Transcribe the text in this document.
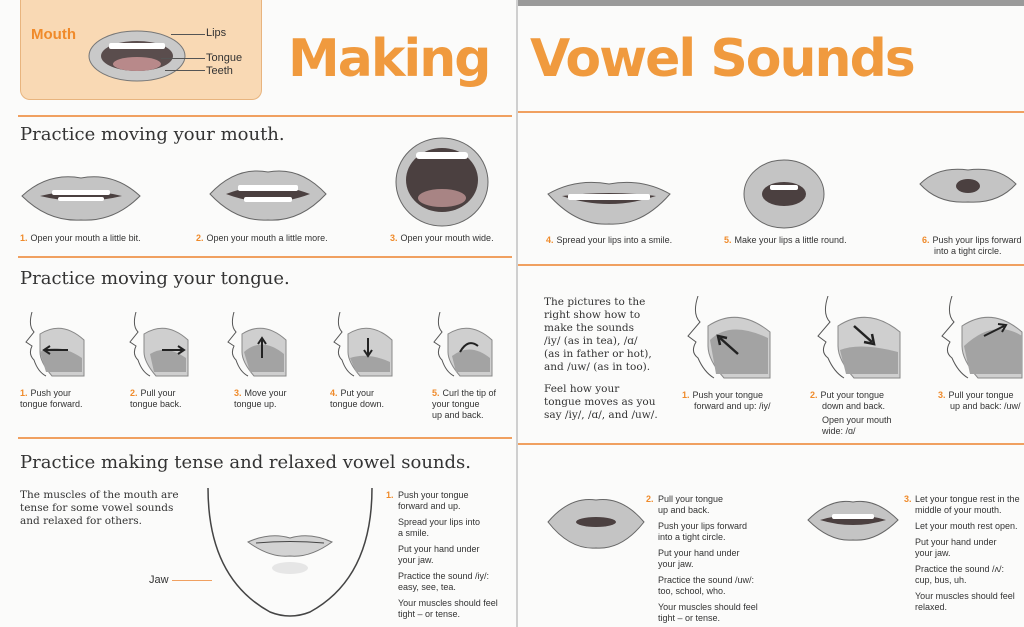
Mouth	Lips
Tongue
Teeth Making
Practice moving your mouth.
1. Open your mouth a little bit.	2. Open your mouth a little more.	3. Open your mouth wide.
Practice moving your tongue.
1. Push your
tongue forward.
2. Pull your
tongue back.
3. Move your
tongue up.
4. Put your
tongue down.
5. Curl the tip of
your tongue
up and back.
Practice making tense and relaxed vowel sounds.
The muscles of the mouth are
tense for some vowel sounds
and relaxed for others.
Jaw
1. Push your tongue
forward and up.

Spread your lips into
a smile.

Put your hand under
your jaw.

Practice the sound /iy/:
easy, see, tea.

Your muscles should feel
tight – or tense.

Vowel Sounds
4. Spread your lips into a smile.	5. Make your lips a little round.	6. Push your lips forward
into a tight circle.
The pictures to the
right show how to
make the sounds
/iy/ (as in tea), /ɑ/
(as in father or hot),
and /uw/ (as in too).
Feel how your
tongue moves as you
say /iy/, /ɑ/, and /uw/.
1. Push your tongue
forward and up: /iy/
2. Put your tongue
down and back.
Open your mouth
wide: /ɑ/
3. Pull your tongue
up and back: /uw/
2. Pull your tongue
up and back.

Push your lips forward
into a tight circle.

Put your hand under
your jaw.

Practice the sound /uw/:
too, school, who.

Your muscles should feel
tight – or tense.

3. Let your tongue rest in the
middle of your mouth.

Let your mouth rest open.

Put your hand under
your jaw.

Practice the sound /ʌ/:
cup, bus, uh.

Your muscles should feel
relaxed.
